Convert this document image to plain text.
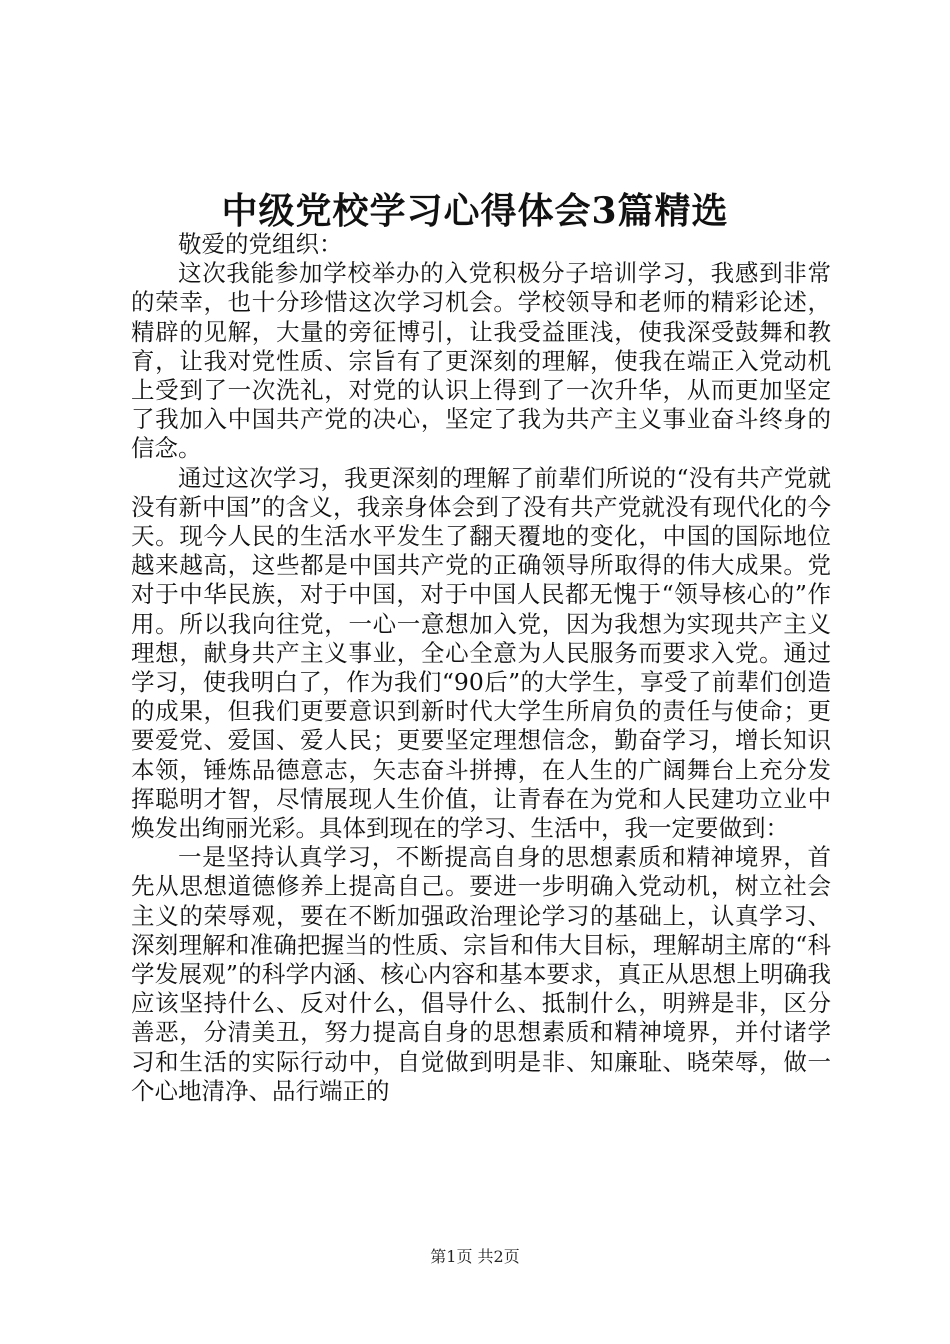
中级党校学习心得体会3篇精选

敬爱的党组织：

这次我能参加学校举办的入党积极分子培训学习，我感到非常的荣幸，也十分珍惜这次学习机会。学校领导和老师的精彩论述，精辟的见解，大量的旁征博引，让我受益匪浅，使我深受鼓舞和教育，让我对党性质、宗旨有了更深刻的理解，使我在端正入党动机上受到了一次洗礼，对党的认识上得到了一次升华，从而更加坚定了我加入中国共产党的决心，坚定了我为共产主义事业奋斗终身的信念。

通过这次学习，我更深刻的理解了前辈们所说的“没有共产党就没有新中国”的含义，我亲身体会到了没有共产党就没有现代化的今天。现今人民的生活水平发生了翻天覆地的变化，中国的国际地位越来越高，这些都是中国共产党的正确领导所取得的伟大成果。党对于中华民族，对于中国，对于中国人民都无愧于“领导核心的”作用。所以我向往党，一心一意想加入党，因为我想为实现共产主义理想，献身共产主义事业，全心全意为人民服务而要求入党。通过学习，使我明白了，作为我们“90后”的大学生，享受了前辈们创造的成果，但我们更要意识到新时代大学生所肩负的责任与使命；更要爱党、爱国、爱人民；更要坚定理想信念，勤奋学习，增长知识本领，锤炼品德意志，矢志奋斗拼搏，在人生的广阔舞台上充分发挥聪明才智，尽情展现人生价值，让青春在为党和人民建功立业中焕发出绚丽光彩。具体到现在的学习、生活中，我一定要做到：

一是坚持认真学习，不断提高自身的思想素质和精神境界，首先从思想道德修养上提高自己。要进一步明确入党动机，树立社会主义的荣辱观，要在不断加强政治理论学习的基础上，认真学习、深刻理解和准确把握当的性质、宗旨和伟大目标，理解胡主席的“科学发展观”的科学内涵、核心内容和基本要求，真正从思想上明确我应该坚持什么、反对什么，倡导什么、抵制什么，明辨是非，区分善恶，分清美丑，努力提高自身的思想素质和精神境界，并付诸学习和生活的实际行动中，自觉做到明是非、知廉耻、晓荣辱，做一个心地清净、品行端正的

第1页 共2页
